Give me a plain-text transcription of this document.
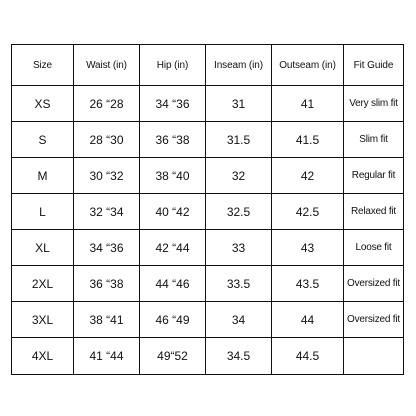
Size	Waist (in)	Hip (in)	Inseam (in)	Outseam (in)	Fit Guide
XS	26 “28	34 “36	31	41	Very slim fit
S	28 “30	36 “38	31.5	41.5	Slim fit
M	30 “32	38 “40	32	42	Regular fit
L	32 “34	40 “42	32.5	42.5	Relaxed fit
XL	34 “36	42 “44	33	43	Loose fit
2XL	36 “38	44 “46	33.5	43.5	Oversized fit
3XL	38 “41	46 “49	34	44	Oversized fit
4XL	41 “44	49“52	34.5	44.5	
